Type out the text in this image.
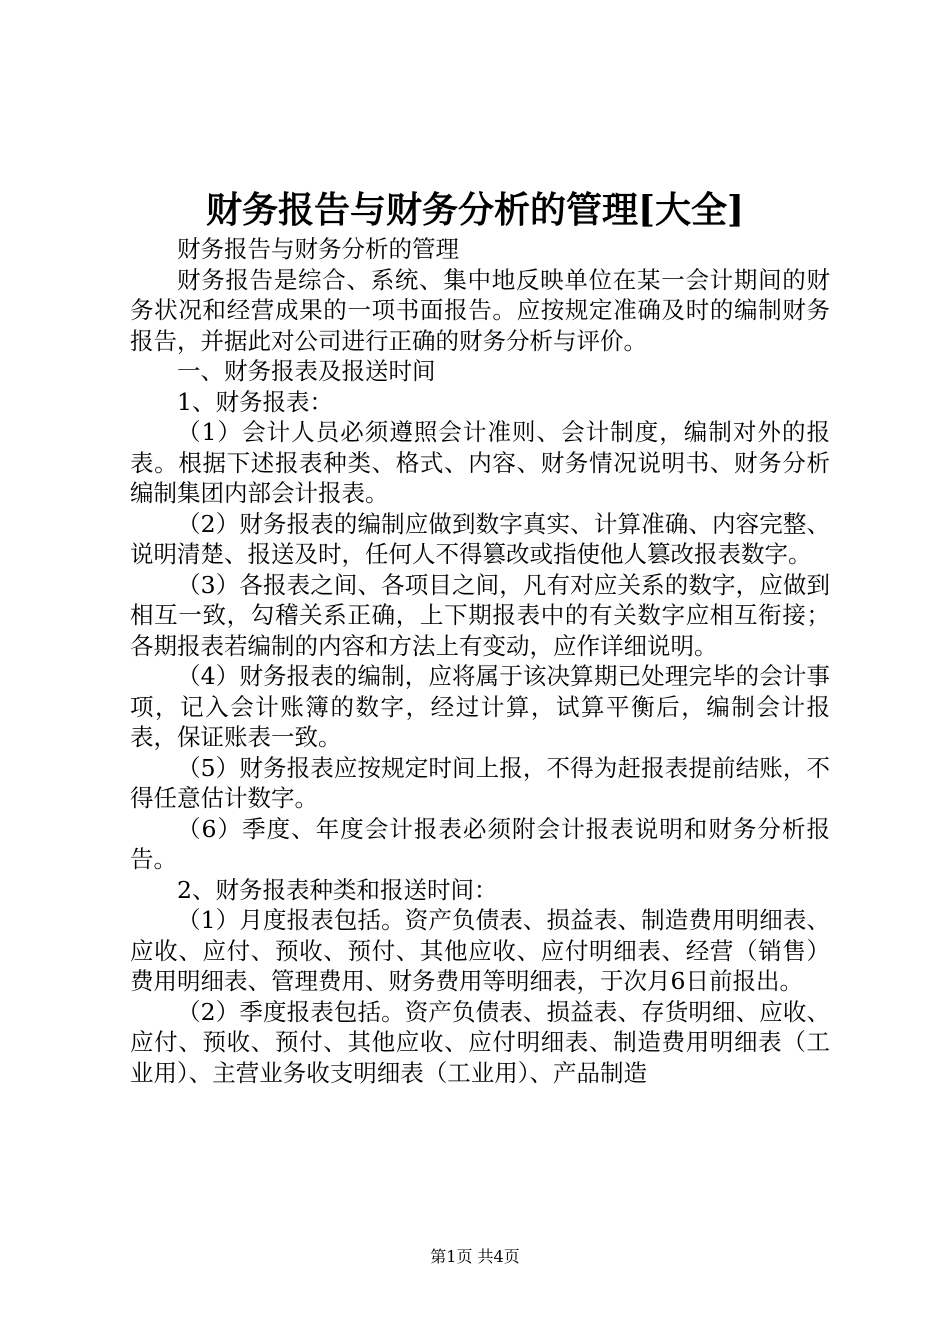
财务报告与财务分析的管理[大全]

财务报告与财务分析的管理

财务报告是综合、系统、集中地反映单位在某一会计期间的财务状况和经营成果的一项书面报告。应按规定准确及时的编制财务报告，并据此对公司进行正确的财务分析与评价。

一、财务报表及报送时间

1、财务报表：

（1）会计人员必须遵照会计准则、会计制度，编制对外的报表。根据下述报表种类、格式、内容、财务情况说明书、财务分析编制集团内部会计报表。

（2）财务报表的编制应做到数字真实、计算准确、内容完整、说明清楚、报送及时，任何人不得篡改或指使他人篡改报表数字。

（3）各报表之间、各项目之间，凡有对应关系的数字，应做到相互一致，勾稽关系正确，上下期报表中的有关数字应相互衔接；各期报表若编制的内容和方法上有变动，应作详细说明。

（4）财务报表的编制，应将属于该决算期已处理完毕的会计事项，记入会计账簿的数字，经过计算，试算平衡后，编制会计报表，保证账表一致。

（5）财务报表应按规定时间上报，不得为赶报表提前结账，不得任意估计数字。

（6）季度、年度会计报表必须附会计报表说明和财务分析报告。

2、财务报表种类和报送时间：

（1）月度报表包括。资产负债表、损益表、制造费用明细表、应收、应付、预收、预付、其他应收、应付明细表、经营（销售）费用明细表、管理费用、财务费用等明细表，于次月6日前报出。

（2）季度报表包括。资产负债表、损益表、存货明细、应收、应付、预收、预付、其他应收、应付明细表、制造费用明细表（工业用）、主营业务收支明细表（工业用）、产品制造

第1页 共4页
